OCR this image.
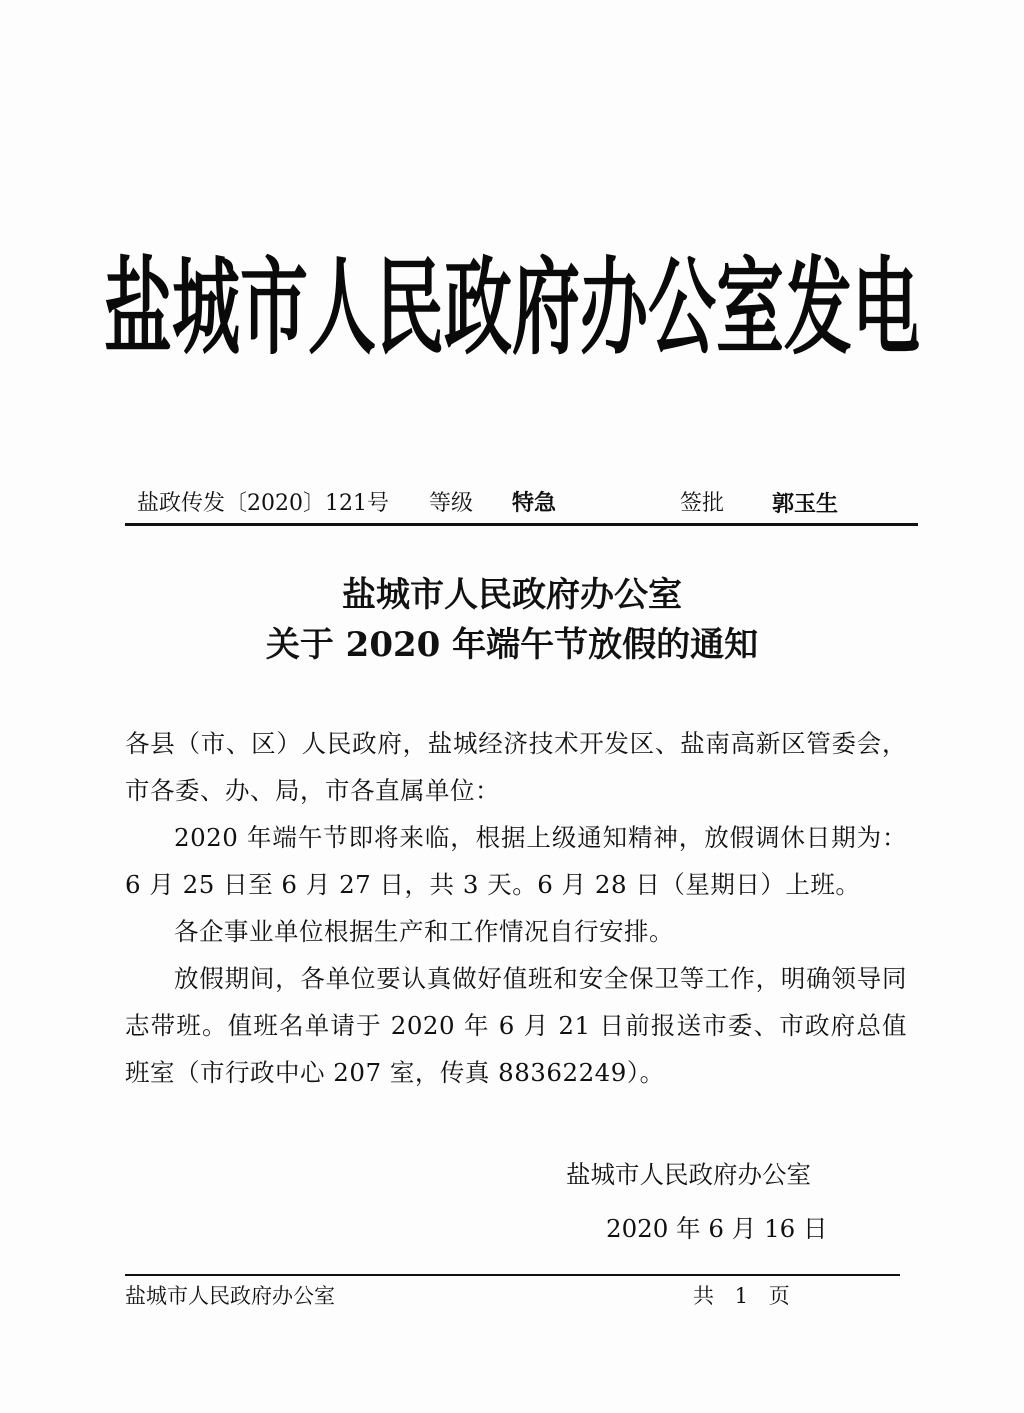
盐城市人民政府办公室发电
盐政传发〔2020〕121号 等级 特急	签批 郭玉生
盐城市人民政府办公室
关于 2020 年端午节放假的通知

各县（市、区）人民政府，盐城经济技术开发区、盐南高新区管委会，市各委、办、局，市各直属单位：

2020 年端午节即将来临，根据上级通知精神，放假调休日期为：6 月 25 日至 6 月 27 日，共 3 天。6 月 28 日（星期日）上班。

各企事业单位根据生产和工作情况自行安排。

放假期间，各单位要认真做好值班和安全保卫等工作，明确领导同志带班。值班名单请于 2020 年 6 月 21 日前报送市委、市政府总值班室（市行政中心 207 室，传真 88362249）。

盐城市人民政府办公室
2020 年 6 月 16 日
盐城市人民政府办公室	共 1 页
